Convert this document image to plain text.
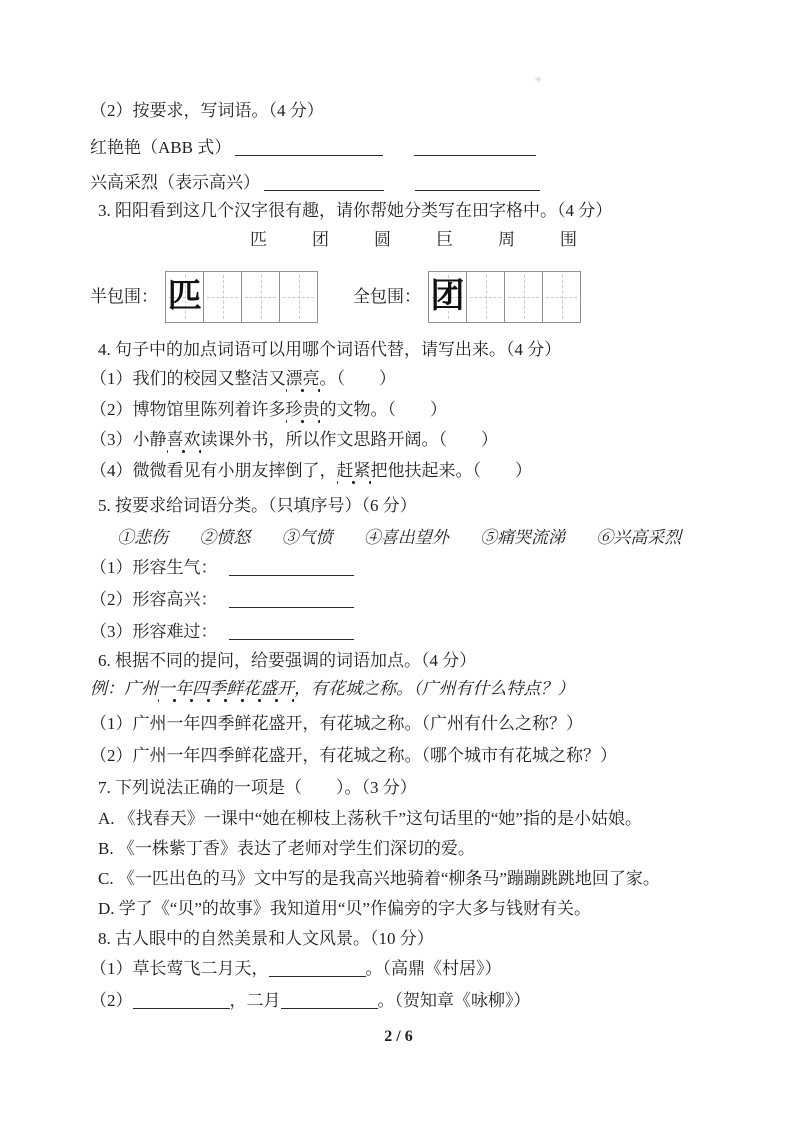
✳
（2）按要求，写词语。（4 分）
红艳艳（ABB 式）
兴高采烈（表示高兴）
3. 阳阳看到这几个汉字很有趣，请你帮她分类写在田字格中。（4 分）
匹	团	圆	巨	周	围
半包围： 匹	全包围： 团
4. 句子中的加点词语可以用哪个词语代替，请写出来。（4 分）
（1）我们的校园又整洁又漂亮。（　　）
（2）博物馆里陈列着许多珍贵的文物。（　　）
（3）小静喜欢读课外书，所以作文思路开阔。（　　）
（4）微微看见有小朋友摔倒了，赶紧把他扶起来。（　　）
5. 按要求给词语分类。（只填序号）（6 分）
①悲伤 ②愤怒 ③气愤 ④喜出望外 ⑤痛哭流涕 ⑥兴高采烈
（1）形容生气：
（2）形容高兴：
（3）形容难过：
6. 根据不同的提问，给要强调的词语加点。（4 分）
例：广州一年四季鲜花盛开，有花城之称。（广州有什么特点？）
（1）广州一年四季鲜花盛开，有花城之称。（广州有什么之称？）
（2）广州一年四季鲜花盛开，有花城之称。（哪个城市有花城之称？）
7. 下列说法正确的一项是（　　）。（3 分）
A. 《找春天》一课中“她在柳枝上荡秋千”这句话里的“她”指的是小姑娘。
B. 《一株紫丁香》表达了老师对学生们深切的爱。
C. 《一匹出色的马》文中写的是我高兴地骑着“柳条马”蹦蹦跳跳地回了家。
D. 学了《“贝”的故事》我知道用“贝”作偏旁的字大多与钱财有关。
8. 古人眼中的自然美景和人文风景。（10 分）
（1）草长莺飞二月天，	。（高鼎《村居》）
（2）	，二月	。（贺知章《咏柳》）
2 / 6
